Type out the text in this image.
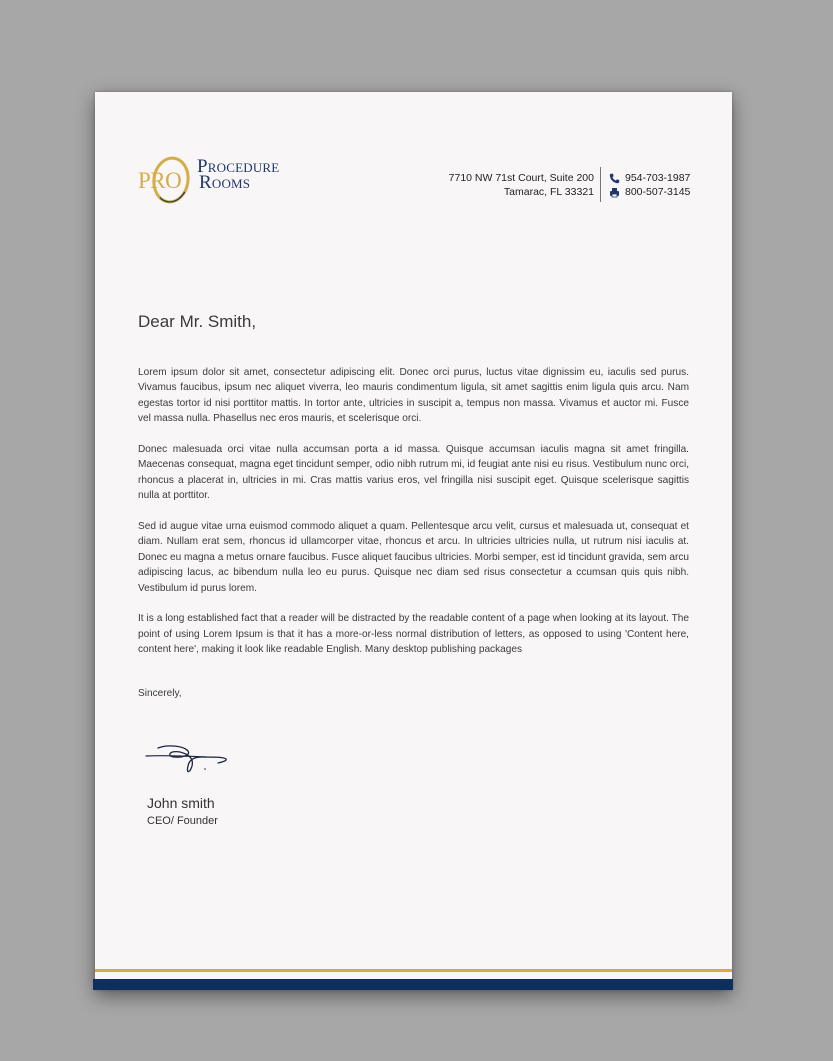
PRO
Procedure
Rooms	7710 NW 71st Court, Suite 200
Tamarac, FL 33321
954-703-1987
800-507-3145
Dear Mr. Smith,

Lorem ipsum dolor sit amet, consectetur adipiscing elit. Donec orci purus, luctus vitae dignissim eu, iaculis sed purus. Vivamus faucibus, ipsum nec aliquet viverra, leo mauris condimentum ligula, sit amet sagittis enim ligula quis arcu. Nam egestas tortor id nisi porttitor mattis. In tortor ante, ultricies in suscipit a, tempus non massa. Vivamus et auctor mi. Fusce vel massa nulla. Phasellus nec eros mauris, et scelerisque orci.

Donec malesuada orci vitae nulla accumsan porta a id massa. Quisque accumsan iaculis magna sit amet fringilla. Maecenas consequat, magna eget tincidunt semper, odio nibh rutrum mi, id feugiat ante nisi eu risus. Vestibulum nunc orci, rhoncus a placerat in, ultricies in mi. Cras mattis varius eros, vel fringilla nisi suscipit eget. Quisque scelerisque sagittis nulla at porttitor.

Sed id augue vitae urna euismod commodo aliquet a quam. Pellentesque arcu velit, cursus et malesuada ut, consequat et diam. Nullam erat sem, rhoncus id ullamcorper vitae, rhoncus et arcu. In ultricies ultricies nulla, ut rutrum nisi iaculis at. Donec eu magna a metus ornare faucibus. Fusce aliquet faucibus ultricies. Morbi semper, est id tincidunt gravida, sem arcu adipiscing lacus, ac bibendum nulla leo eu purus. Quisque nec diam sed risus consectetur a ccumsan quis quis nibh. Vestibulum id purus lorem.

It is a long established fact that a reader will be distracted by the readable content of a page when looking at its layout. The point of using Lorem Ipsum is that it has a more-or-less normal distribution of letters, as opposed to using 'Content here, content here', making it look like readable English. Many desktop publishing packages

Sincerely,
John smith
CEO/ Founder
